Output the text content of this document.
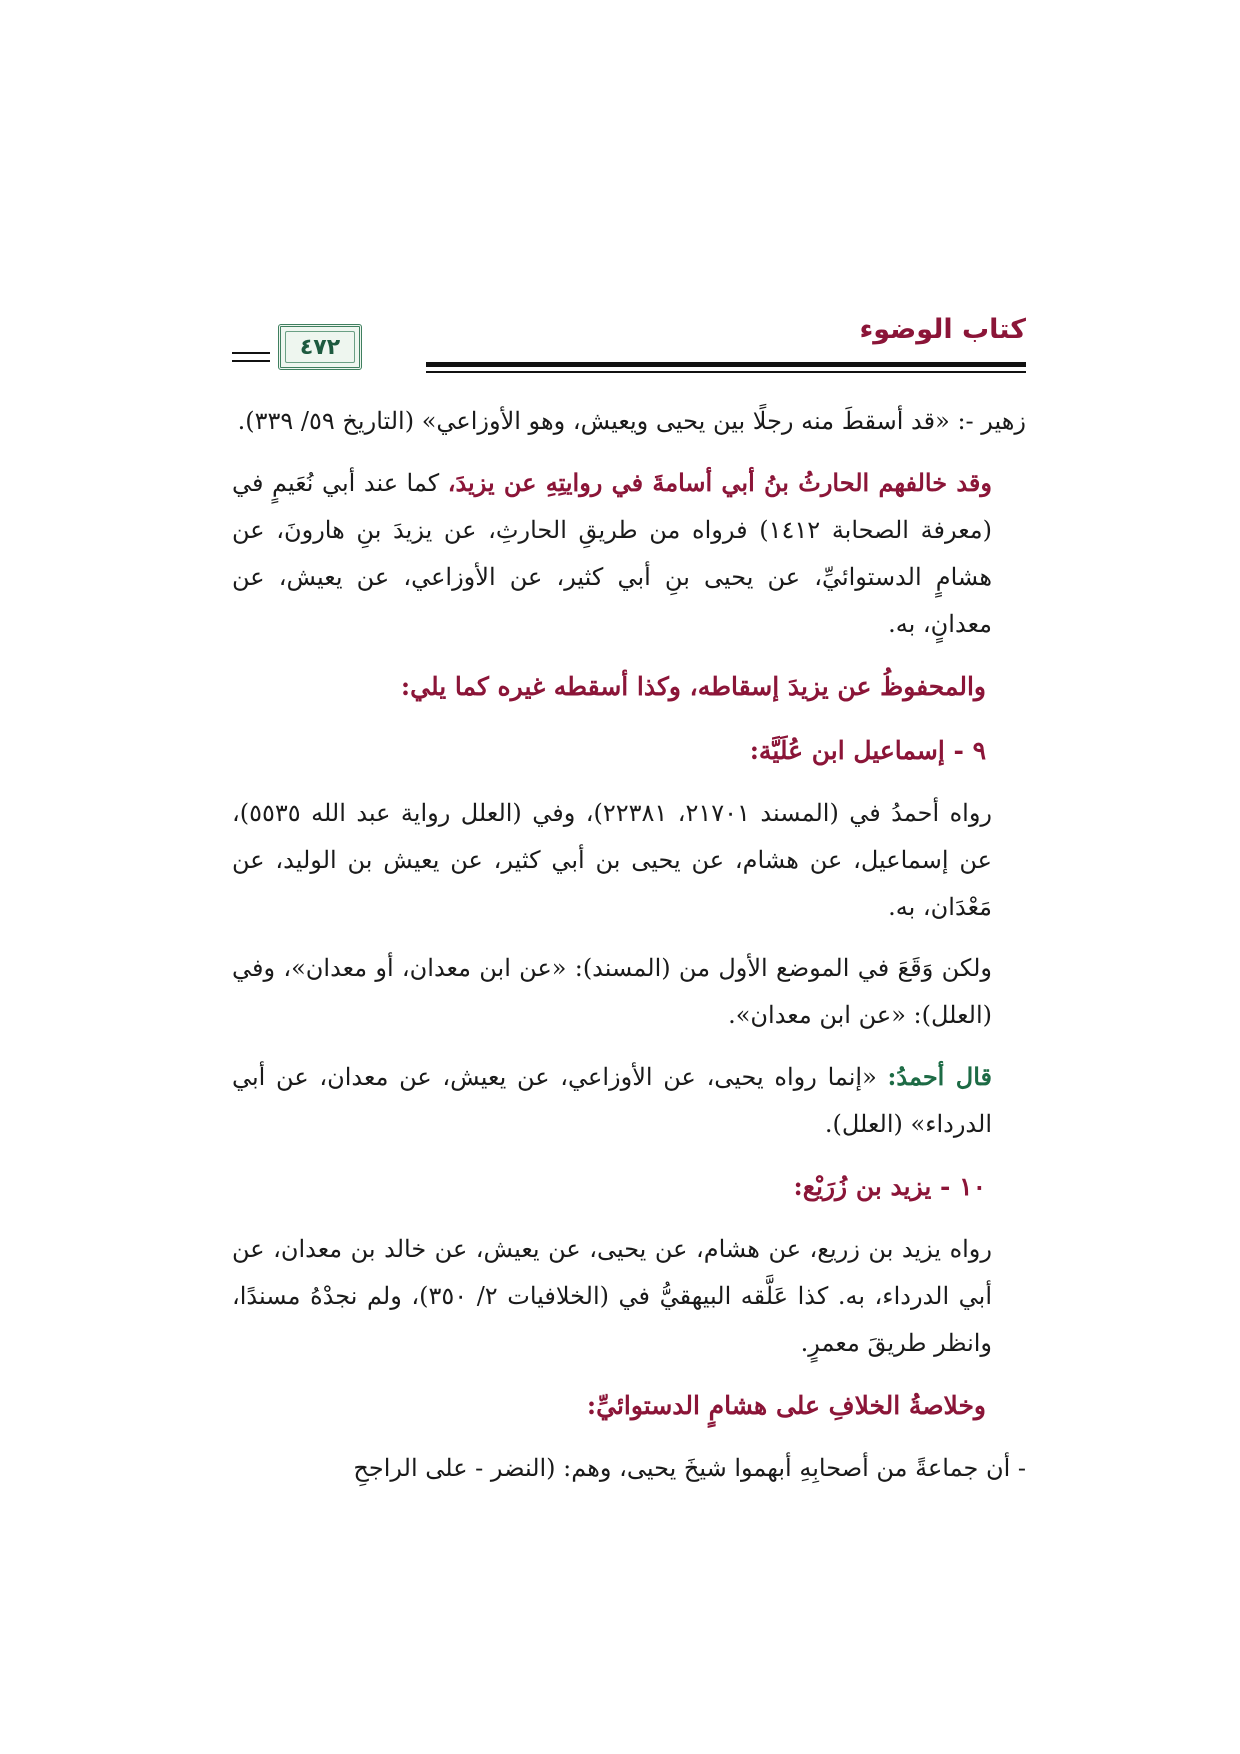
كتاب الوضوء
٤٧٢

زهير -: «قد أسقطَ منه رجلًا بين يحيى ويعيش، وهو الأوزاعي» (التاريخ ٥٩/ ٣٣٩).

وقد خالفهم الحارثُ بنُ أبي أسامةَ في روايتِهِ عن يزيدَ، كما عند أبي نُعَيمٍ في (معرفة الصحابة ١٤١٢) فرواه من طريقِ الحارثِ، عن يزيدَ بنِ هارونَ، عن هشامٍ الدستوائيِّ، عن يحيى بنِ أبي كثير، عن الأوزاعي، عن يعيش، عن معدانٍ، به.

والمحفوظُ عن يزيدَ إسقاطه، وكذا أسقطه غيره كما يلي:

٩ - إسماعيل ابن عُلَيَّة:

رواه أحمدُ في (المسند ٢١٧٠١، ٢٢٣٨١)، وفي (العلل رواية عبد الله ٥٥٣٥)، عن إسماعيل، عن هشام، عن يحيى بن أبي كثير، عن يعيش بن الوليد، عن مَعْدَان، به.

ولكن وَقَعَ في الموضع الأول من (المسند): «عن ابن معدان، أو معدان»، وفي (العلل): «عن ابن معدان».

قال أحمدُ: «إنما رواه يحيى، عن الأوزاعي، عن يعيش، عن معدان، عن أبي الدرداء» (العلل).

١٠ - يزيد بن زُرَيْع:

رواه يزيد بن زريع، عن هشام، عن يحيى، عن يعيش، عن خالد بن معدان، عن أبي الدرداء، به. كذا عَلَّقه البيهقيُّ في (الخلافيات ٢/ ٣٥٠)، ولم نجدْهُ مسندًا، وانظر طريقَ معمرٍ.

وخلاصةُ الخلافِ على هشامٍ الدستوائيِّ:

- أن جماعةً من أصحابِهِ أبهموا شيخَ يحيى، وهم: (النضر - على الراجحِ
